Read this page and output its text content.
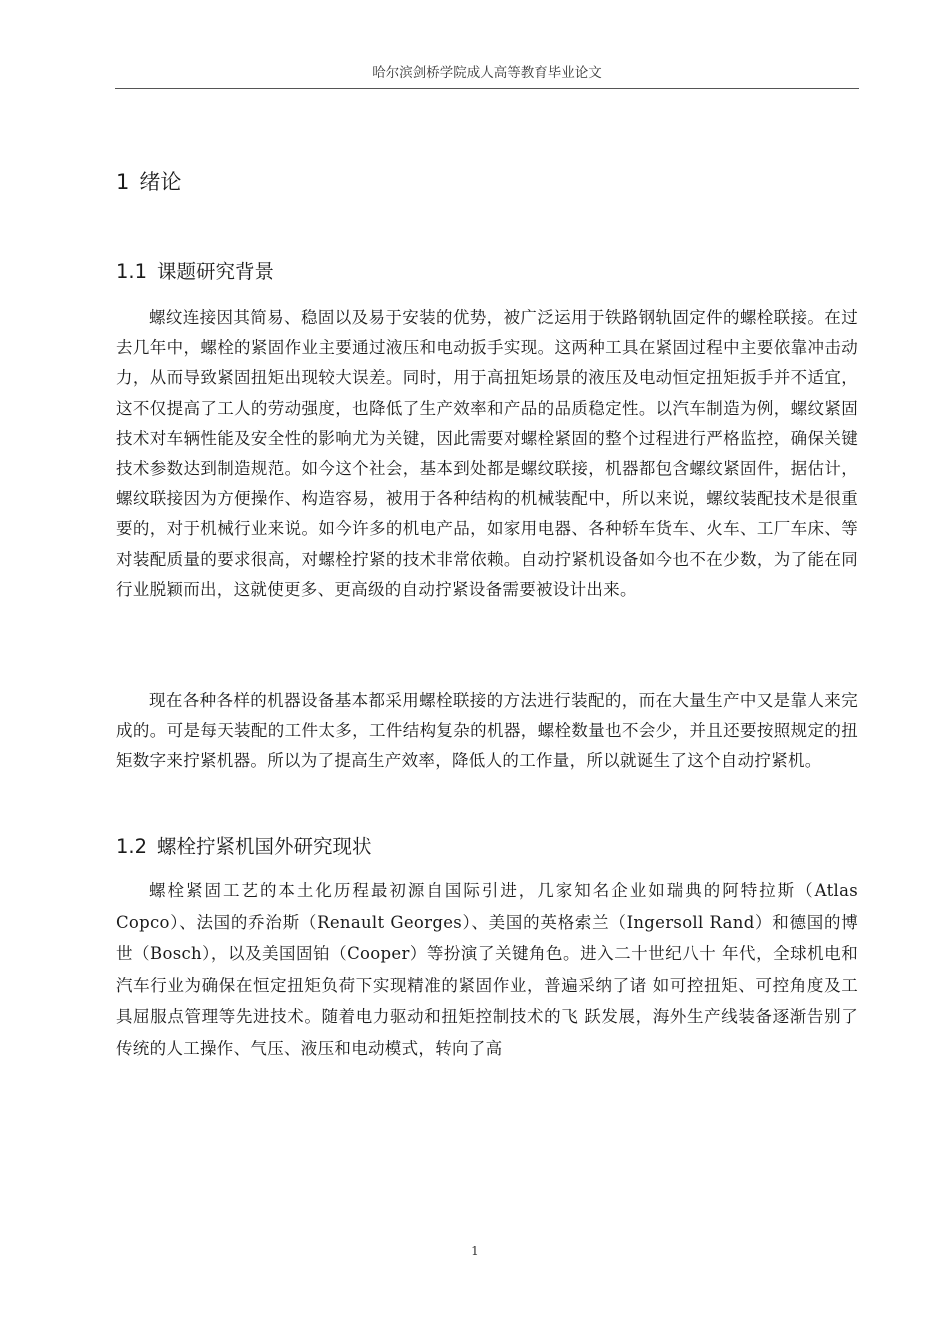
哈尔滨剑桥学院成人高等教育毕业论文
1 绪论
1.1 课题研究背景

螺纹连接因其简易、稳固以及易于安装的优势，被广泛运用于铁路钢轨固定件的螺栓联接。在过去几年中，螺栓的紧固作业主要通过液压和电动扳手实现。这两种工具在紧固过程中主要依靠冲击动力，从而导致紧固扭矩出现较大误差。同时，用于高扭矩场景的液压及电动恒定扭矩扳手并不适宜，这不仅提高了工人的劳动强度，也降低了生产效率和产品的品质稳定性。以汽车制造为例，螺纹紧固技术对车辆性能及安全性的影响尤为关键，因此需要对螺栓紧固的整个过程进行严格监控，确保关键技术参数达到制造规范。如今这个社会，基本到处都是螺纹联接，机器都包含螺纹紧固件，据估计，螺纹联接因为方便操作、构造容易，被用于各种结构的机械装配中，所以来说，螺纹装配技术是很重要的，对于机械行业来说。如今许多的机电产品，如家用电器、各种轿车货车、火车、工厂车床、等对装配质量的要求很高，对螺栓拧紧的技术非常依赖。自动拧紧机设备如今也不在少数，为了能在同行业脱颖而出，这就使更多、更高级的自动拧紧设备需要被设计出来。

现在各种各样的机器设备基本都采用螺栓联接的方法进行装配的，而在大量生产中又是靠人来完成的。可是每天装配的工件太多，工件结构复杂的机器，螺栓数量也不会少，并且还要按照规定的扭矩数字来拧紧机器。所以为了提高生产效率，降低人的工作量，所以就诞生了这个自动拧紧机。

1.2 螺栓拧紧机国外研究现状

螺栓紧固工艺的本土化历程最初源自国际引进，几家知名企业如瑞典的阿特拉斯（Atlas Copco）、法国的乔治斯（Renault Georges）、美国的英格索兰（Ingersoll Rand）和德国的博世（Bosch），以及美国固铂（Cooper）等扮演了关键角色。进入二十世纪八十 年代，全球机电和汽车行业为确保在恒定扭矩负荷下实现精准的紧固作业，普遍采纳了诸 如可控扭矩、可控角度及工具屈服点管理等先进技术。随着电力驱动和扭矩控制技术的飞 跃发展，海外生产线装备逐渐告别了传统的人工操作、气压、液压和电动模式，转向了高

1
